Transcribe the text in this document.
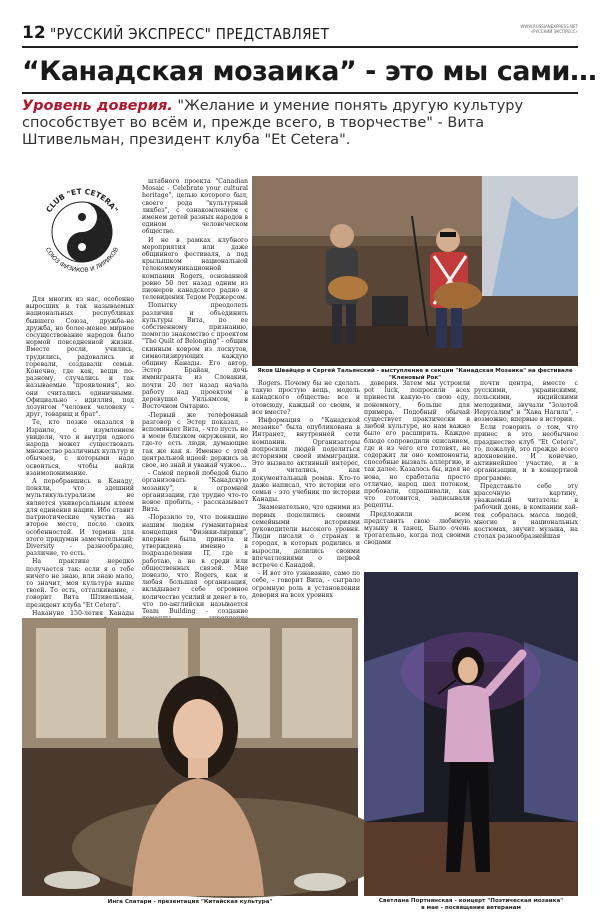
12 "РУССКИЙ ЭКСПРЕСС" ПРЕДСТАВЛЯЕТ	WWW.RUSSIANEXPRESS.NET
«РУССКИЙ ЭКСПРЕСС»
“Канадская мозаика” - это мы сами…
Уровень доверия. "Желание и умение понять другую культуру способствует во всём и, прежде всего, в творчестве" - Вита Штивельман, президент клуба "Et Cetera".
CLUB "ET CETERA"
СОЮЗ ФИЗИКОВ И ЛИРИКОВ

Для многих из нас, особенно выросших в так называемых национальных республиках бывшего Союза, дружба-не дружба, но более-менее мирное сосуществование народов было нормой повседневной жизни. Вместе росли, учились, трудились, радовались и горевали, создавали семьи. Конечно, где как, вещи по-разному, случались и так называемые "проявления", но они считались единичными. Официально - идиллия, под лозунгом "человек человеку - друг, товарищ и брат".

Те, кто позже оказался в Израиле, с изумлением увидели, что и внутри одного народа может существовать множество различных культур и обычаев, с которыми надо освоиться, чтобы найти взаимопонимание.

А перебравшись в Канаду, поняли, что здешний мультикультурализм не является универсальным клеем для единения нации. Ибо ставит патриотические чувства на второе место, после своих особенностей. И термин для этого придуман замечательный: Diversity - разнообразие, различие, то есть.

На практике нередко получается так: если я о тебе ничего не знаю, или знаю мало, то значит, моя культура выше твоей. То есть, отталкивание, - говорит Вита Штивельман, президент клуба "Et Cetera".

Накануне 150-летия Канады

штабного проекта "Canadian Mosaic - Celebrate your cultural heritage", целью которого был, своего рода "культурный ликбез", с ознакомлением с именем детей разных народов в едином человеческом обществе.

И не в рамках клубного мероприятия или даже общинного фестиваля, а под крылышком национальной телекоммуникационной компании Rogers, основанной ровно 50 лет назад одним из пионеров канадского радио и телевидения Тедом Роджерсом.

Попытку преодолеть различия и объединить культуры Вита, по ее собственному признанию, помогло знакомство с проектом "The Quilt of Belonging" - общим скинным ковром из лоскутов, символизирующих каждую общину Канады. Его автор, Эстер Брайан, дочь иммигранта из Словакии, почти 20 лет назад начала работу над проектом в деревушке Уильямсон, в Восточном Онтарио.

-Первый же телефонный разговор с Эстер показал, - вспоминает Вита, - что пусть не в моем близком окружении, но где-то есть люди, думающие так же как я. Именно с этой центральной идеей: держись за свое, но знай и уважай чужое...

- Самой первой победой было организовать "Канадскую мозаику", в огромной организации, где трудно что-то новое пробить, - рассказывает Вита.

-Поразило то, что понявшие нашим людям гуманитарная концепция "Физики-лирики", впервые была принята и утверждена именно в подразделении IT, где я работаю, а не в среди или общественных связей. Мне повезло, что Rogers, как и любая большая организация, вкладывает себе огромное количество усилий и денег в то, что по-английски называется Team Building - создание

Яков Швайцер и Сергей Тальянский - выступление в секции "Канадская Мозаика" на фестивале "Кленовый Рок"

Rogers. Почему бы не сделать такую простую вещь, модель канадского общества: все и отовсюду, каждый со своим, и все вместе?

Информация о "Канадской мозаике" была опубликована в Интранет, внутренней сети компании. Организаторы попросили людей поделиться историями своей иммиграции. Это вызвало активный интерес, и читались, как документальный роман. Кто-то даже написал, что истории его семьи - это учебник по истории Канады.

Знаменательно, что одними из первых поделились своими семейными историями руководители высокого уровня. Люди писали о странах и городах, в которых родились и выросли, делились своими впечатлениями о первой встрече с Канадой.

- И вот это узнавание, само по себе, - говорит Вита, - сыграло огромную роль в установлении доверия на всех уровнях

доверия. Затем мы устроили pot luck, попросили всех принести какую-то свою еду, понемногу, больше для примера. Подобный обычай существует практически в любой культуре, но нам важно было его расширить. Каждое блюдо сопроводили описанием, где и из чего его готовят, не содержит ли оно компоненты, способные вызвать аллергию, и так далее. Казалось бы, идея не нова, но сработала просто отлично, народ шел потоком, пробовали, спрашивали, как что готовится, записывали рецепты.

Предложили всем представить свою любимую музыку и танец. Было очень трогательно, когда под своими сводами

почти центра, вместе с русскими, украинскими, польскими, индийскими мелодиями, звучали "Золотой Иерусалим" и "Хава Нагила", - возможно, впервые в истории.

Если говорить о том, что принес в это необычное празднество клуб "Et Cetera", то, пожалуй, это прежде всего вдохновение. И конечно, активнейшее участие, и в организации, и в концертной программе.

Представьте себе эту красочную картину, уважаемый читатель: в рабочий день, в компании хай-тек собралась масса людей, многие в национальных костюмах, звучит музыка, на столах разнообразнейшая

Инга Спатари - презентация "Китайская культура"	Светлана Портнянская - концерт "Поэтическая мозаика"
в мае - посвящение ветеранам
